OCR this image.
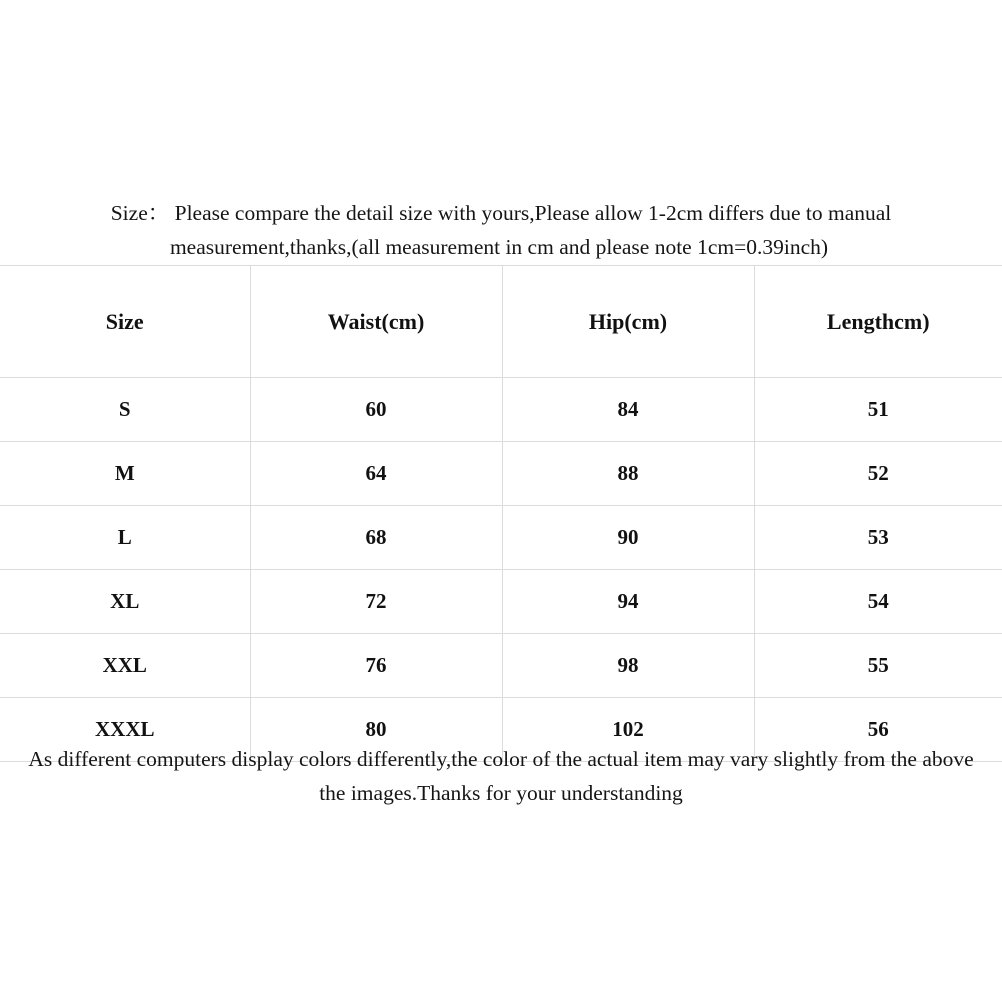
Size： Please compare the detail size with yours,Please allow 1-2cm differs due to manual
measurement,thanks,(all measurement in cm and please note 1cm=0.39inch)
Size	Waist(cm)	Hip(cm)	Lengthcm)
S	60	84	51
M	64	88	52
L	68	90	53
XL	72	94	54
XXL	76	98	55
XXXL	80	102	56
As different computers display colors differently,the color of the actual item may vary slightly from the above
the images.Thanks for your understanding
